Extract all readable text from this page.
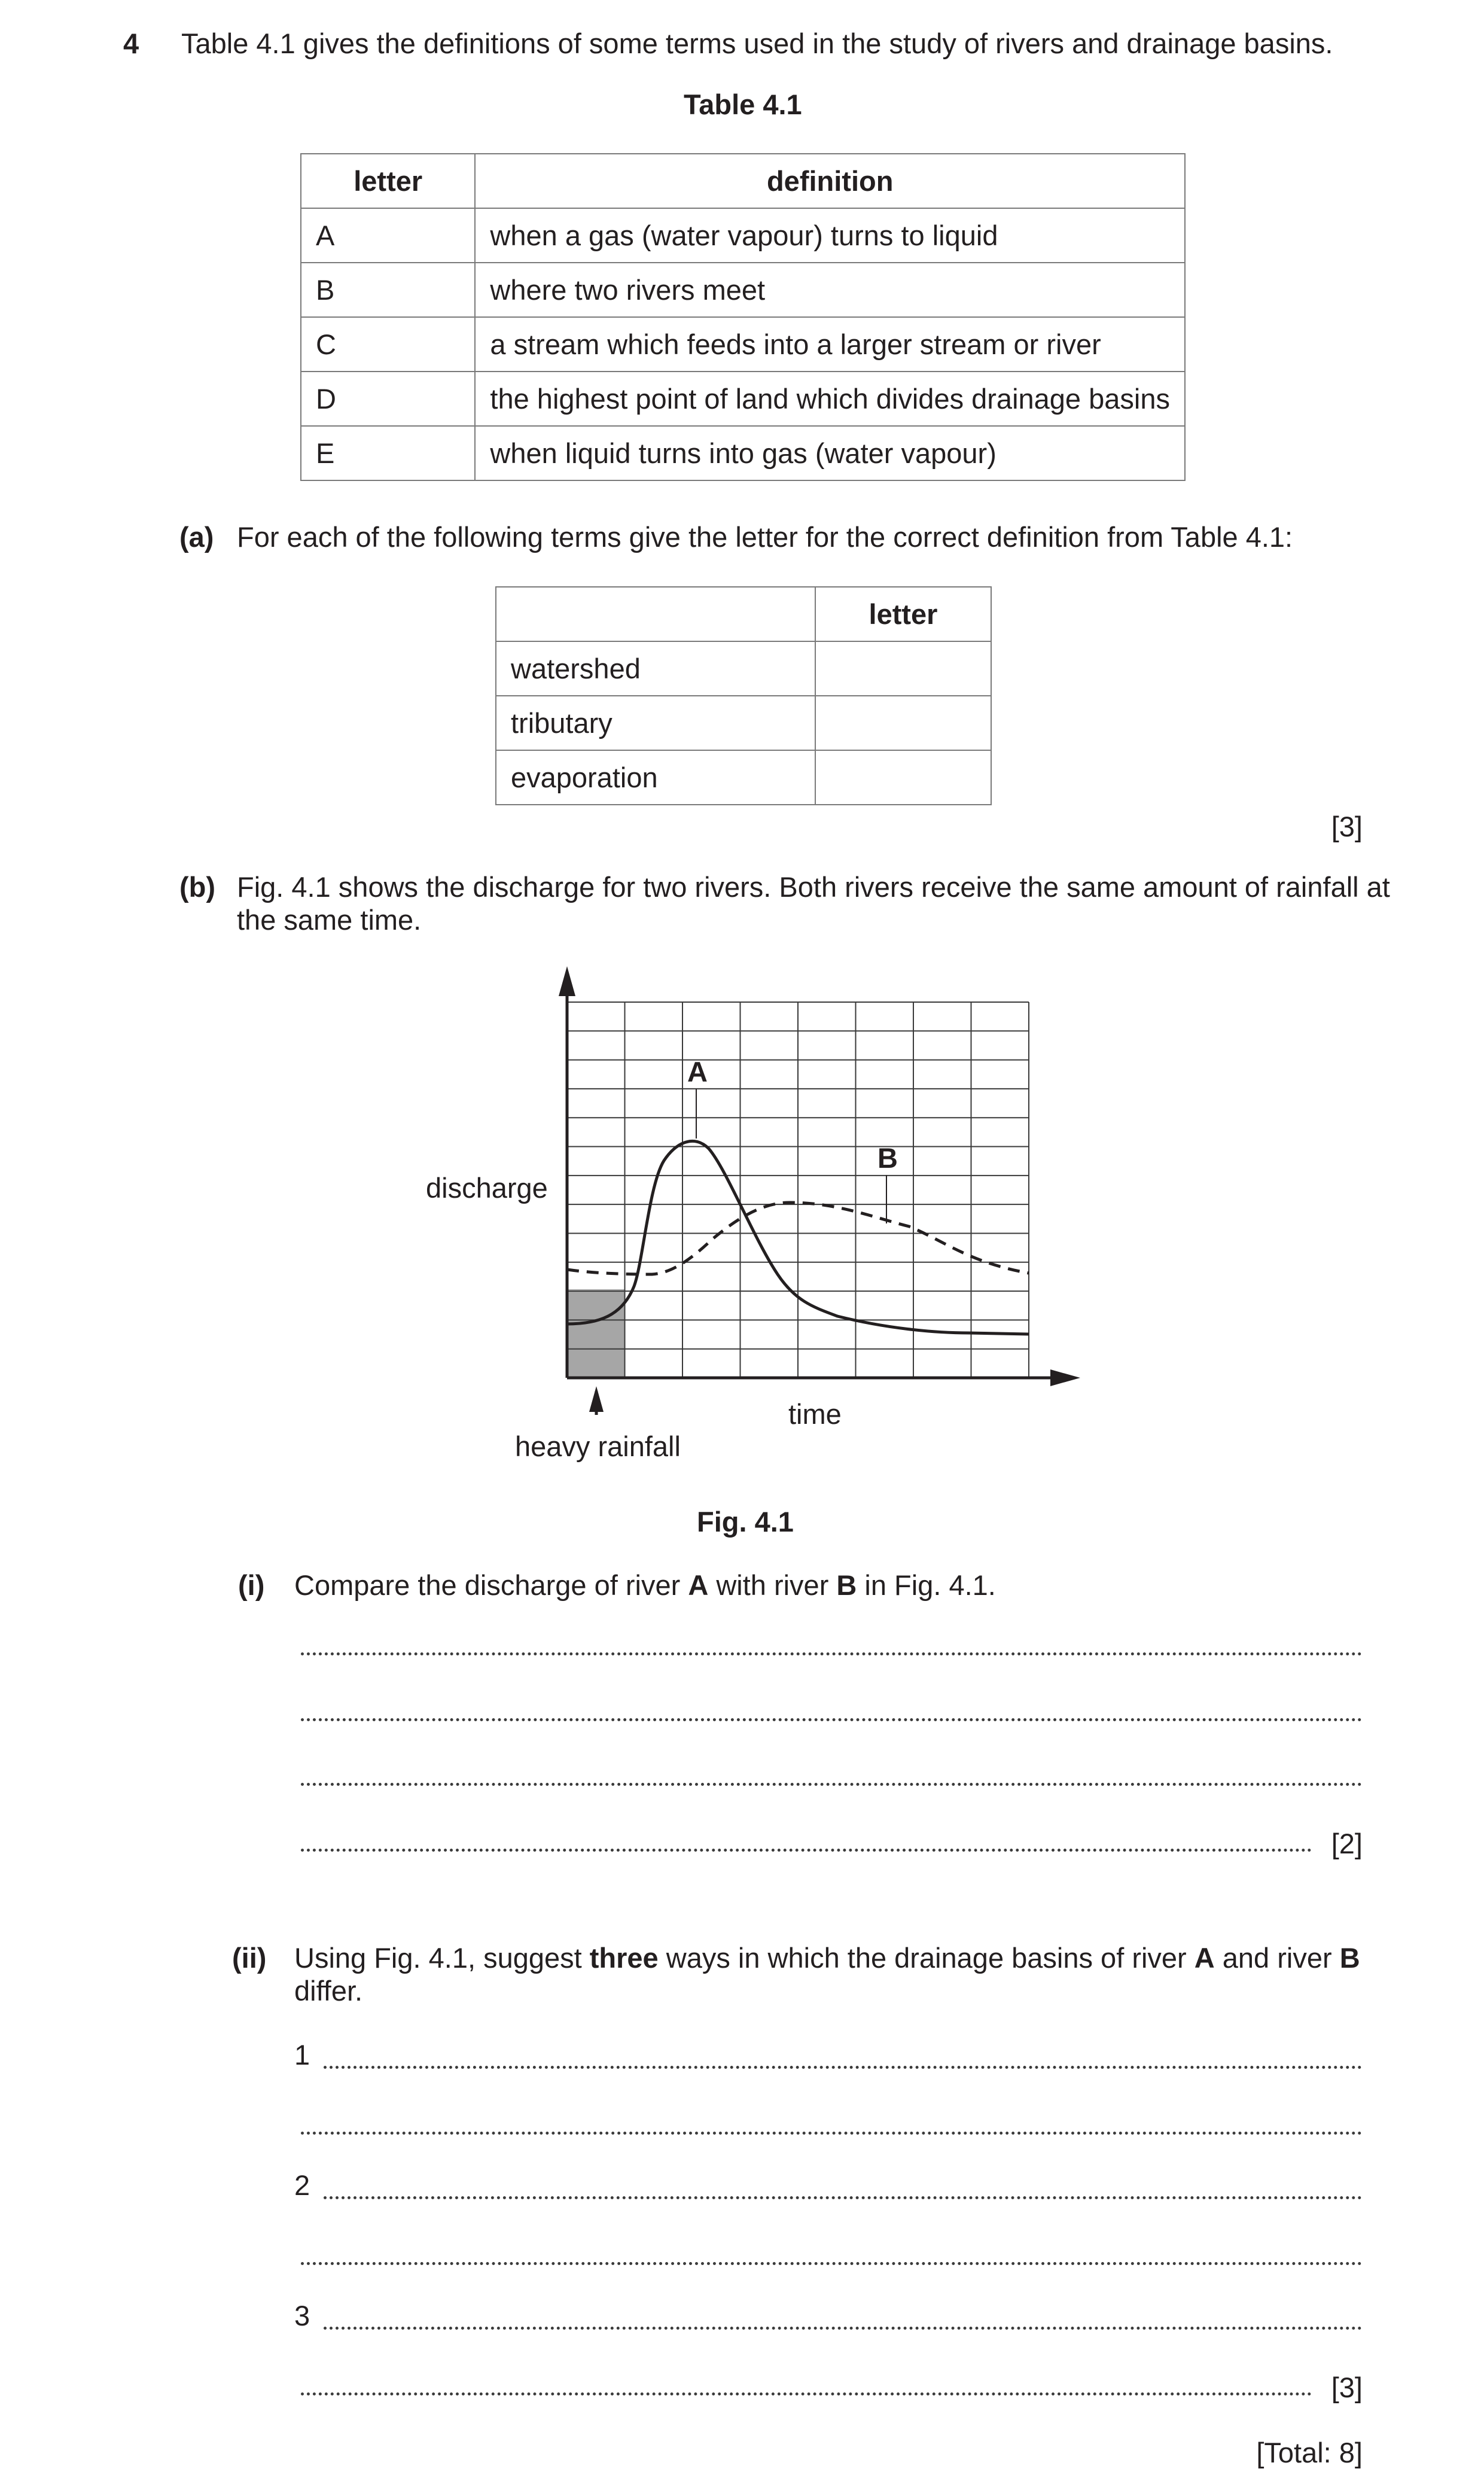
4 Table 4.1 gives the definitions of some terms used in the study of rivers and drainage basins.
Table 4.1
letter	definition
A	when a gas (water vapour) turns to liquid
B	where two rivers meet
C	a stream which feeds into a larger stream or river
D	the highest point of land which divides drainage basins
E	when liquid turns into gas (water vapour)
(a) For each of the following terms give the letter for the correct definition from Table 4.1:
	letter
watershed	
tributary	
evaporation	
[3]
(b) Fig. 4.1 shows the discharge for two rivers. Both rivers receive the same amount of rainfall at
the same time.
A
B
discharge
time
heavy rainfall
Fig. 4.1
(i) Compare the discharge of river A with river B in Fig. 4.1.
[2]
(ii) Using Fig. 4.1, suggest three ways in which the drainage basins of river A and river B
differ.
1
2
3
[3]
[Total: 8]
